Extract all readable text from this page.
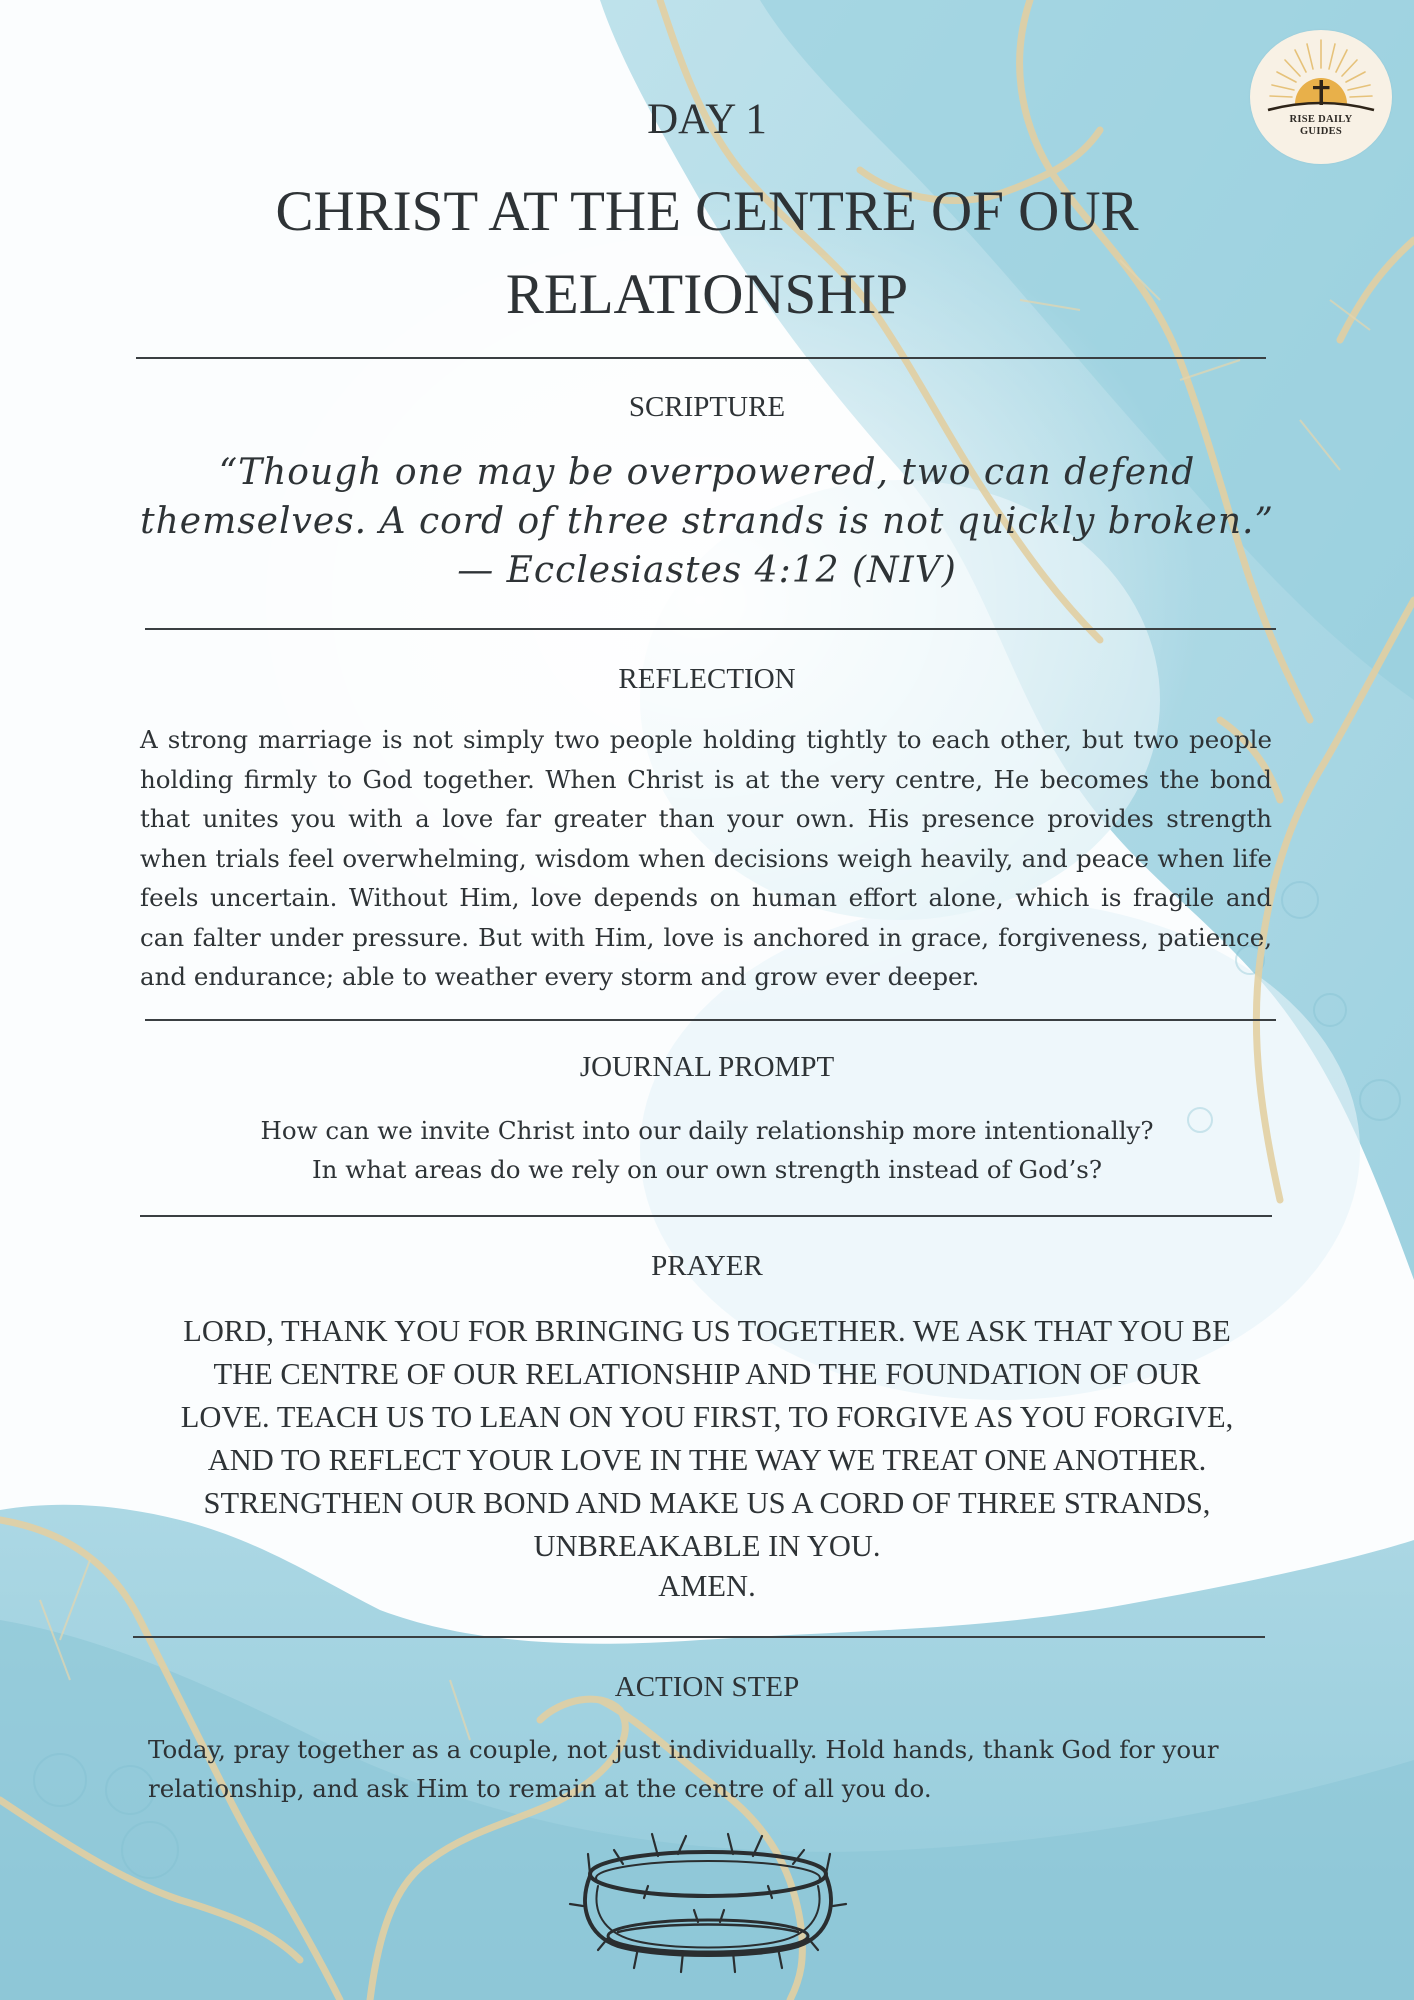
RISE DAILY
GUIDES
DAY 1
CHRIST AT THE CENTRE OF OUR
RELATIONSHIP
SCRIPTURE
“Though one may be overpowered, two can defend
themselves. A cord of three strands is not quickly broken.”
— Ecclesiastes 4:12 (NIV)
REFLECTION
A strong marriage is not simply two people holding tightly to each other, but two people holding firmly to God together. When Christ is at the very centre, He becomes the bond that unites you with a love far greater than your own. His presence provides strength when trials feel overwhelming, wisdom when decisions weigh heavily, and peace when life feels uncertain. Without Him, love depends on human effort alone, which is fragile and can falter under pressure. But with Him, love is anchored in grace, forgiveness, patience, and endurance; able to weather every storm and grow ever deeper.
JOURNAL PROMPT
How can we invite Christ into our daily relationship more intentionally?
In what areas do we rely on our own strength instead of God’s?
PRAYER
LORD, THANK YOU FOR BRINGING US TOGETHER. WE ASK THAT YOU BE
THE CENTRE OF OUR RELATIONSHIP AND THE FOUNDATION OF OUR
LOVE. TEACH US TO LEAN ON YOU FIRST, TO FORGIVE AS YOU FORGIVE,
AND TO REFLECT YOUR LOVE IN THE WAY WE TREAT ONE ANOTHER.
STRENGTHEN OUR BOND AND MAKE US A CORD OF THREE STRANDS,
UNBREAKABLE IN YOU.
AMEN.
ACTION STEP
Today, pray together as a couple, not just individually. Hold hands, thank God for your relationship, and ask Him to remain at the centre of all you do.
